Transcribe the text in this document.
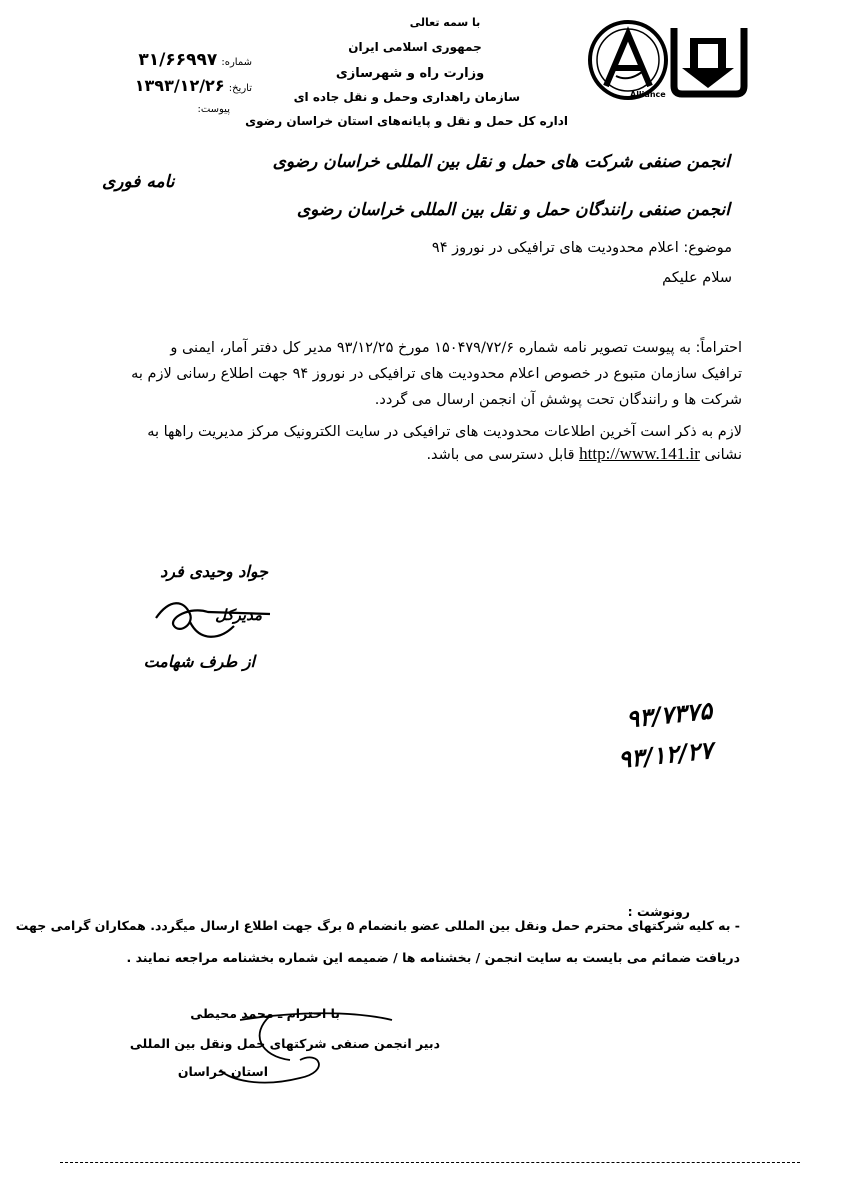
Alliance
با سمه تعالی
جمهوری اسلامی ایران
وزارت راه و شهرسازی
سازمان راهداری وحمل و نقل جاده ای
اداره کل حمل و نقل و پایانه‌های استان خراسان رضوی
شماره: ۳۱/۶۶۹۹۷
تاریخ: ۱۳۹۳/۱۲/۲۶
پیوست:
انجمن صنفی شرکت های حمل و نقل بین المللی خراسان رضوی
انجمن صنفی رانندگان حمل و نقل بین المللی خراسان رضوی
نامه فوری
موضوع: اعلام محدودیت های ترافیکی در نوروز ۹۴
سلام علیکم
احتراماً: به پیوست تصویر نامه شماره ۱۵۰۴۷۹/۷۲/۶ مورخ ۹۳/۱۲/۲۵ مدیر کل دفتر آمار، ایمنی و
ترافیک سازمان متبوع در خصوص اعلام محدودیت های ترافیکی در نوروز ۹۴ جهت اطلاع رسانی لازم به
شرکت ها و رانندگان تحت پوشش آن انجمن ارسال می گردد.
لازم به ذکر است آخرین اطلاعات محدودیت های ترافیکی در سایت الکترونیک مرکز مدیریت راهها به
نشانی http://www.141.ir قابل دسترسی می باشد.
جواد وحیدی فرد
مدیرکل
از طرف شهامت
۹۳/۷۳۷۵
۹۳/۱۲/۲۷
رونوشت :
- به کلیه شرکتهای محترم حمل ونقل بین المللی عضو بانضمام ۵ برگ جهت اطلاع ارسال میگردد. همکاران گرامی جهت
دریافت ضمائم می بایست به سایت انجمن / بخشنامه ها / ضمیمه این شماره بخشنامه مراجعه نمایند .
با احترام ـ محمد محیطی
دبیر انجمن صنفی شرکتهای حمل ونقل بین المللی
استان خراسان
